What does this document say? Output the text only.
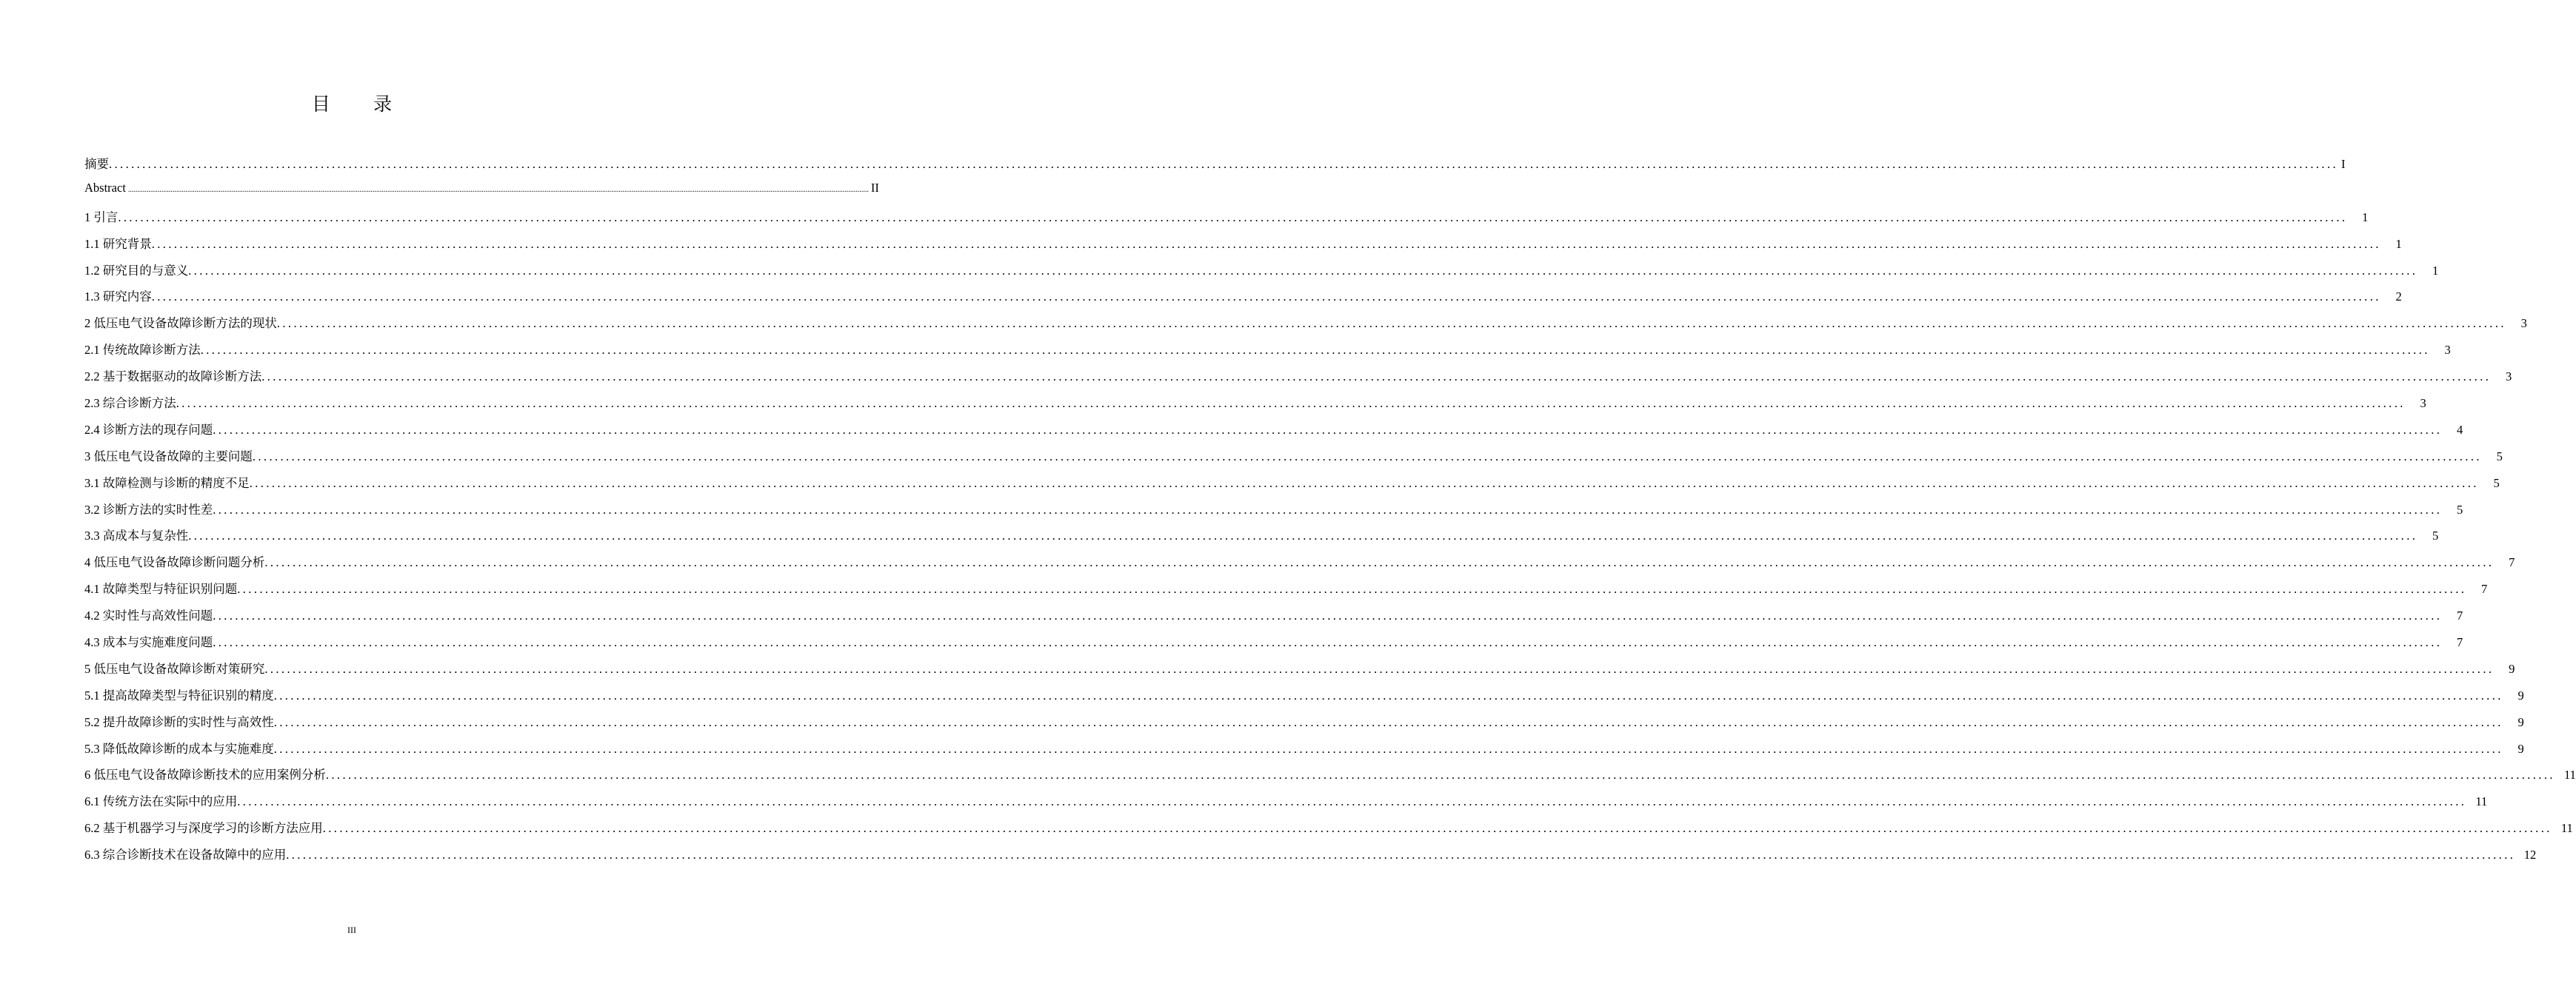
目 录
摘要 ................................................................................................................................................................................................................................................................................................................................................................................................................ I
Abstract ................................................................................................................................................................................................................................................................................................................................................................................................................ II
1 引言 ................................................................................................................................................................................................................................................................................................................................................................................................................	1
1.1 研究背景 ................................................................................................................................................................................................................................................................................................................................................................................................................	1
1.2 研究目的与意义 ................................................................................................................................................................................................................................................................................................................................................................................................................	1
1.3 研究内容 ................................................................................................................................................................................................................................................................................................................................................................................................................	2
2 低压电气设备故障诊断方法的现状 ................................................................................................................................................................................................................................................................................................................................................................................................................	3
2.1 传统故障诊断方法 ................................................................................................................................................................................................................................................................................................................................................................................................................	3
2.2 基于数据驱动的故障诊断方法 ................................................................................................................................................................................................................................................................................................................................................................................................................	3
2.3 综合诊断方法 ................................................................................................................................................................................................................................................................................................................................................................................................................	3
2.4 诊断方法的现存问题 ................................................................................................................................................................................................................................................................................................................................................................................................................	4
3 低压电气设备故障的主要问题 ................................................................................................................................................................................................................................................................................................................................................................................................................	5
3.1 故障检测与诊断的精度不足 ................................................................................................................................................................................................................................................................................................................................................................................................................	5
3.2 诊断方法的实时性差 ................................................................................................................................................................................................................................................................................................................................................................................................................	5
3.3 高成本与复杂性 ................................................................................................................................................................................................................................................................................................................................................................................................................	5
4 低压电气设备故障诊断问题分析 ................................................................................................................................................................................................................................................................................................................................................................................................................	7
4.1 故障类型与特征识别问题 ................................................................................................................................................................................................................................................................................................................................................................................................................	7
4.2 实时性与高效性问题 ................................................................................................................................................................................................................................................................................................................................................................................................................	7
4.3 成本与实施难度问题 ................................................................................................................................................................................................................................................................................................................................................................................................................	7
5 低压电气设备故障诊断对策研究 ................................................................................................................................................................................................................................................................................................................................................................................................................	9
5.1 提高故障类型与特征识别的精度 ................................................................................................................................................................................................................................................................................................................................................................................................................	9
5.2 提升故障诊断的实时性与高效性 ................................................................................................................................................................................................................................................................................................................................................................................................................	9
5.3 降低故障诊断的成本与实施难度 ................................................................................................................................................................................................................................................................................................................................................................................................................	9
6 低压电气设备故障诊断技术的应用案例分析 ................................................................................................................................................................................................................................................................................................................................................................................................................ 11
6.1 传统方法在实际中的应用 ................................................................................................................................................................................................................................................................................................................................................................................................................ 11
6.2 基于机器学习与深度学习的诊断方法应用 ................................................................................................................................................................................................................................................................................................................................................................................................................ 11
6.3 综合诊断技术在设备故障中的应用 ................................................................................................................................................................................................................................................................................................................................................................................................................ 12
III
